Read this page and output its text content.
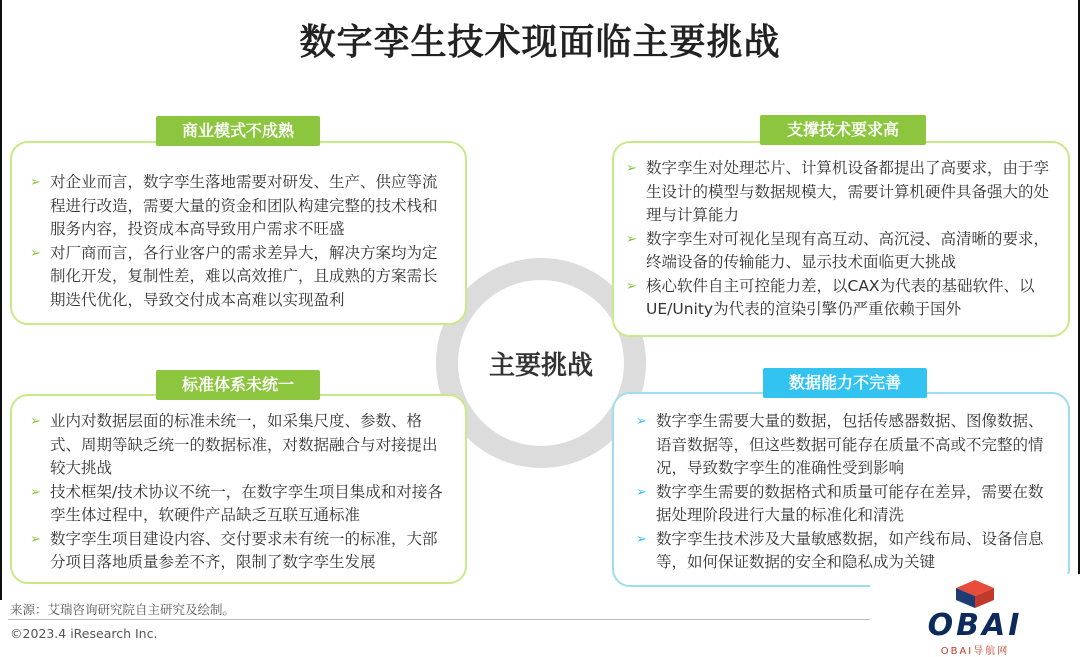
数字孪生技术现面临主要挑战
主要挑战
商业模式不成熟
➢ 对企业而言，数字孪生落地需要对研发、生产、供应等流程进行改造，需要大量的资金和团队构建完整的技术栈和服务内容，投资成本高导致用户需求不旺盛
➢ 对厂商而言，各行业客户的需求差异大，解决方案均为定制化开发，复制性差，难以高效推广，且成熟的方案需长期迭代优化，导致交付成本高难以实现盈利
支撑技术要求高
➢ 数字孪生对处理芯片、计算机设备都提出了高要求，由于孪生设计的模型与数据规模大，需要计算机硬件具备强大的处理与计算能力
➢ 数字孪生对可视化呈现有高互动、高沉浸、高清晰的要求，终端设备的传输能力、显示技术面临更大挑战
➢ 核心软件自主可控能力差，以CAX为代表的基础软件、以UE/Unity为代表的渲染引擎仍严重依赖于国外
标准体系未统一
➢ 业内对数据层面的标准未统一，如采集尺度、参数、格式、周期等缺乏统一的数据标准，对数据融合与对接提出较大挑战
➢ 技术框架/技术协议不统一，在数字孪生项目集成和对接各孪生体过程中，软硬件产品缺乏互联互通标准
➢ 数字孪生项目建设内容、交付要求未有统一的标准，大部分项目落地质量参差不齐，限制了数字孪生发展
数据能力不完善
➢ 数字孪生需要大量的数据，包括传感器数据、图像数据、语音数据等，但这些数据可能存在质量不高或不完整的情况，导致数字孪生的准确性受到影响
➢ 数字孪生需要的数据格式和质量可能存在差异，需要在数据处理阶段进行大量的标准化和清洗
➢ 数字孪生技术涉及大量敏感数据，如产线布局、设备信息等，如何保证数据的安全和隐私成为关键
来源：艾瑞咨询研究院自主研究及绘制。
©2023.4 iResearch Inc.	OBAI
OBAI导航网
